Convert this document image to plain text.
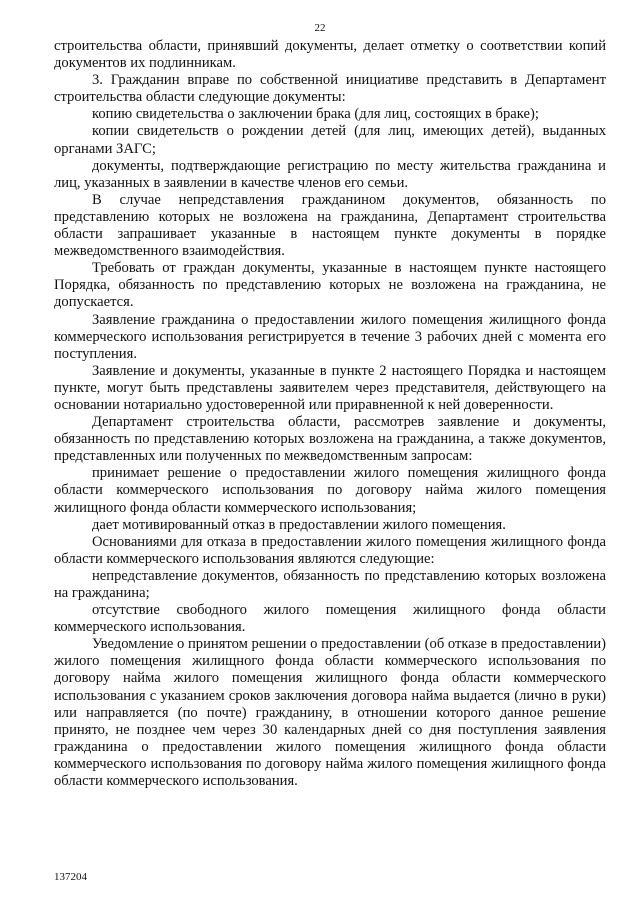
22

строительства области, принявший документы, делает отметку о соответствии копий документов их подлинникам.

3. Гражданин вправе по собственной инициативе представить в Департамент строительства области следующие документы:

копию свидетельства о заключении брака (для лиц, состоящих в браке);

копии свидетельств о рождении детей (для лиц, имеющих детей), выданных органами ЗАГС;

документы, подтверждающие регистрацию по месту жительства гражданина и лиц, указанных в заявлении в качестве членов его семьи.

В случае непредставления гражданином документов, обязанность по представлению которых не возложена на гражданина, Департамент строительства области запрашивает указанные в настоящем пункте документы в порядке межведомственного взаимодействия.

Требовать от граждан документы, указанные в настоящем пункте настоящего Порядка, обязанность по представлению которых не возложена на гражданина, не допускается.

Заявление гражданина о предоставлении жилого помещения жилищного фонда коммерческого использования регистрируется в течение 3 рабочих дней с момента его поступления.

Заявление и документы, указанные в пункте 2 настоящего Порядка и настоящем пункте, могут быть представлены заявителем через представителя, действующего на основании нотариально удостоверенной или приравненной к ней доверенности.

Департамент строительства области, рассмотрев заявление и документы, обязанность по представлению которых возложена на гражданина, а также документов, представленных или полученных по межведомственным запросам:

принимает решение о предоставлении жилого помещения жилищного фонда области коммерческого использования по договору найма жилого помещения жилищного фонда области коммерческого использования;

дает мотивированный отказ в предоставлении жилого помещения.

Основаниями для отказа в предоставлении жилого помещения жилищного фонда области коммерческого использования являются следующие:

непредставление документов, обязанность по представлению которых возложена на гражданина;

отсутствие свободного жилого помещения жилищного фонда области коммерческого использования.

Уведомление о принятом решении о предоставлении (об отказе в предоставлении) жилого помещения жилищного фонда области коммерческого использования по договору найма жилого помещения жилищного фонда области коммерческого использования с указанием сроков заключения договора найма выдается (лично в руки) или направляется (по почте) гражданину, в отношении которого данное решение принято, не позднее чем через 30 календарных дней со дня поступления заявления гражданина о предоставлении жилого помещения жилищного фонда области коммерческого использования по договору найма жилого помещения жилищного фонда области коммерческого использования.

137204
